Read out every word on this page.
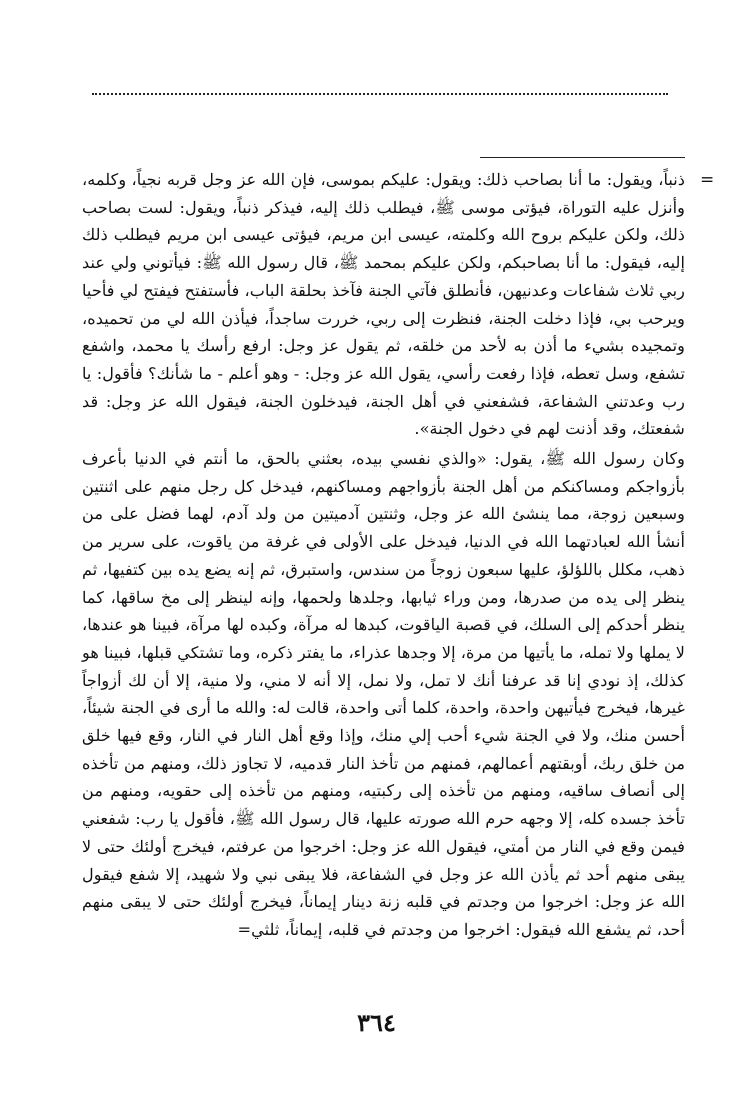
=

ذنباً، ويقول: ما أنا بصاحب ذلك: ويقول: عليكم بموسى، فإن الله عز وجل قربه نجياً، وكلمه، وأنزل عليه التوراة، فيؤتى موسى ﷺ، فيطلب ذلك إليه، فيذكر ذنباً، ويقول: لست بصاحب ذلك، ولكن عليكم بروح الله وكلمته، عيسى ابن مريم، فيؤتى عيسى ابن مريم فيطلب ذلك إليه، فيقول: ما أنا بصاحبكم، ولكن عليكم بمحمد ﷺ، قال رسول الله ﷺ: فيأتوني ولي عند ربي ثلاث شفاعات وعدنيهن، فأنطلق فآتي الجنة فآخذ بحلقة الباب، فأستفتح فيفتح لي فأحيا ويرحب بي، فإذا دخلت الجنة، فنظرت إلى ربي، خررت ساجداً، فيأذن الله لي من تحميده، وتمجيده بشيء ما أذن به لأحد من خلقه، ثم يقول عز وجل: ارفع رأسك يا محمد، واشفع تشفع، وسل تعطه، فإذا رفعت رأسي، يقول الله عز وجل: - وهو أعلم - ما شأنك؟ فأقول: يا رب وعدتني الشفاعة، فشفعني في أهل الجنة، فيدخلون الجنة، فيقول الله عز وجل: قد شفعتك، وقد أذنت لهم في دخول الجنة».

وكان رسول الله ﷺ، يقول: «والذي نفسي بيده، بعثني بالحق، ما أنتم في الدنيا بأعرف بأزواجكم ومساكنكم من أهل الجنة بأزواجهم ومساكنهم، فيدخل كل رجل منهم على اثنتين وسبعين زوجة، مما ينشئ الله عز وجل، وثنتين آدميتين من ولد آدم، لهما فضل على من أنشأ الله لعبادتهما الله في الدنيا، فيدخل على الأولى في غرفة من ياقوت، على سرير من ذهب، مكلل باللؤلؤ، عليها سبعون زوجاً من سندس، واستبرق، ثم إنه يضع يده بين كتفيها، ثم ينظر إلى يده من صدرها، ومن وراء ثيابها، وجلدها ولحمها، وإنه لينظر إلى مخ ساقها، كما ينظر أحدكم إلى السلك، في قصبة الياقوت، كبدها له مرآة، وكبده لها مرآة، فبينا هو عندها، لا يملها ولا تمله، ما يأتيها من مرة، إلا وجدها عذراء، ما يفتر ذكره، وما تشتكي قبلها، فبينا هو كذلك، إذ نودي إنا قد عرفنا أنك لا تمل، ولا نمل، إلا أنه لا مني، ولا منية، إلا أن لك أزواجاً غيرها، فيخرج فيأتيهن واحدة، واحدة، كلما أتى واحدة، قالت له: والله ما أرى في الجنة شيئاً، أحسن منك، ولا في الجنة شيء أحب إلي منك، وإذا وقع أهل النار في النار، وقع فيها خلق من خلق ربك، أوبقتهم أعمالهم، فمنهم من تأخذ النار قدميه، لا تجاوز ذلك، ومنهم من تأخذه إلى أنصاف ساقيه، ومنهم من تأخذه إلى ركبتيه، ومنهم من تأخذه إلى حقويه، ومنهم من تأخذ جسده كله، إلا وجهه حرم الله صورته عليها، قال رسول الله ﷺ، فأقول يا رب: شفعني فيمن وقع في النار من أمتي، فيقول الله عز وجل: اخرجوا من عرفتم، فيخرج أولئك حتى لا يبقى منهم أحد ثم يأذن الله عز وجل في الشفاعة، فلا يبقى نبي ولا شهيد، إلا شفع فيقول الله عز وجل: اخرجوا من وجدتم في قلبه زنة دينار إيماناً، فيخرج أولئك حتى لا يبقى منهم أحد، ثم يشفع الله فيقول: اخرجوا من وجدتم في قلبه، إيماناً، ثلثي=

٣٦٤
